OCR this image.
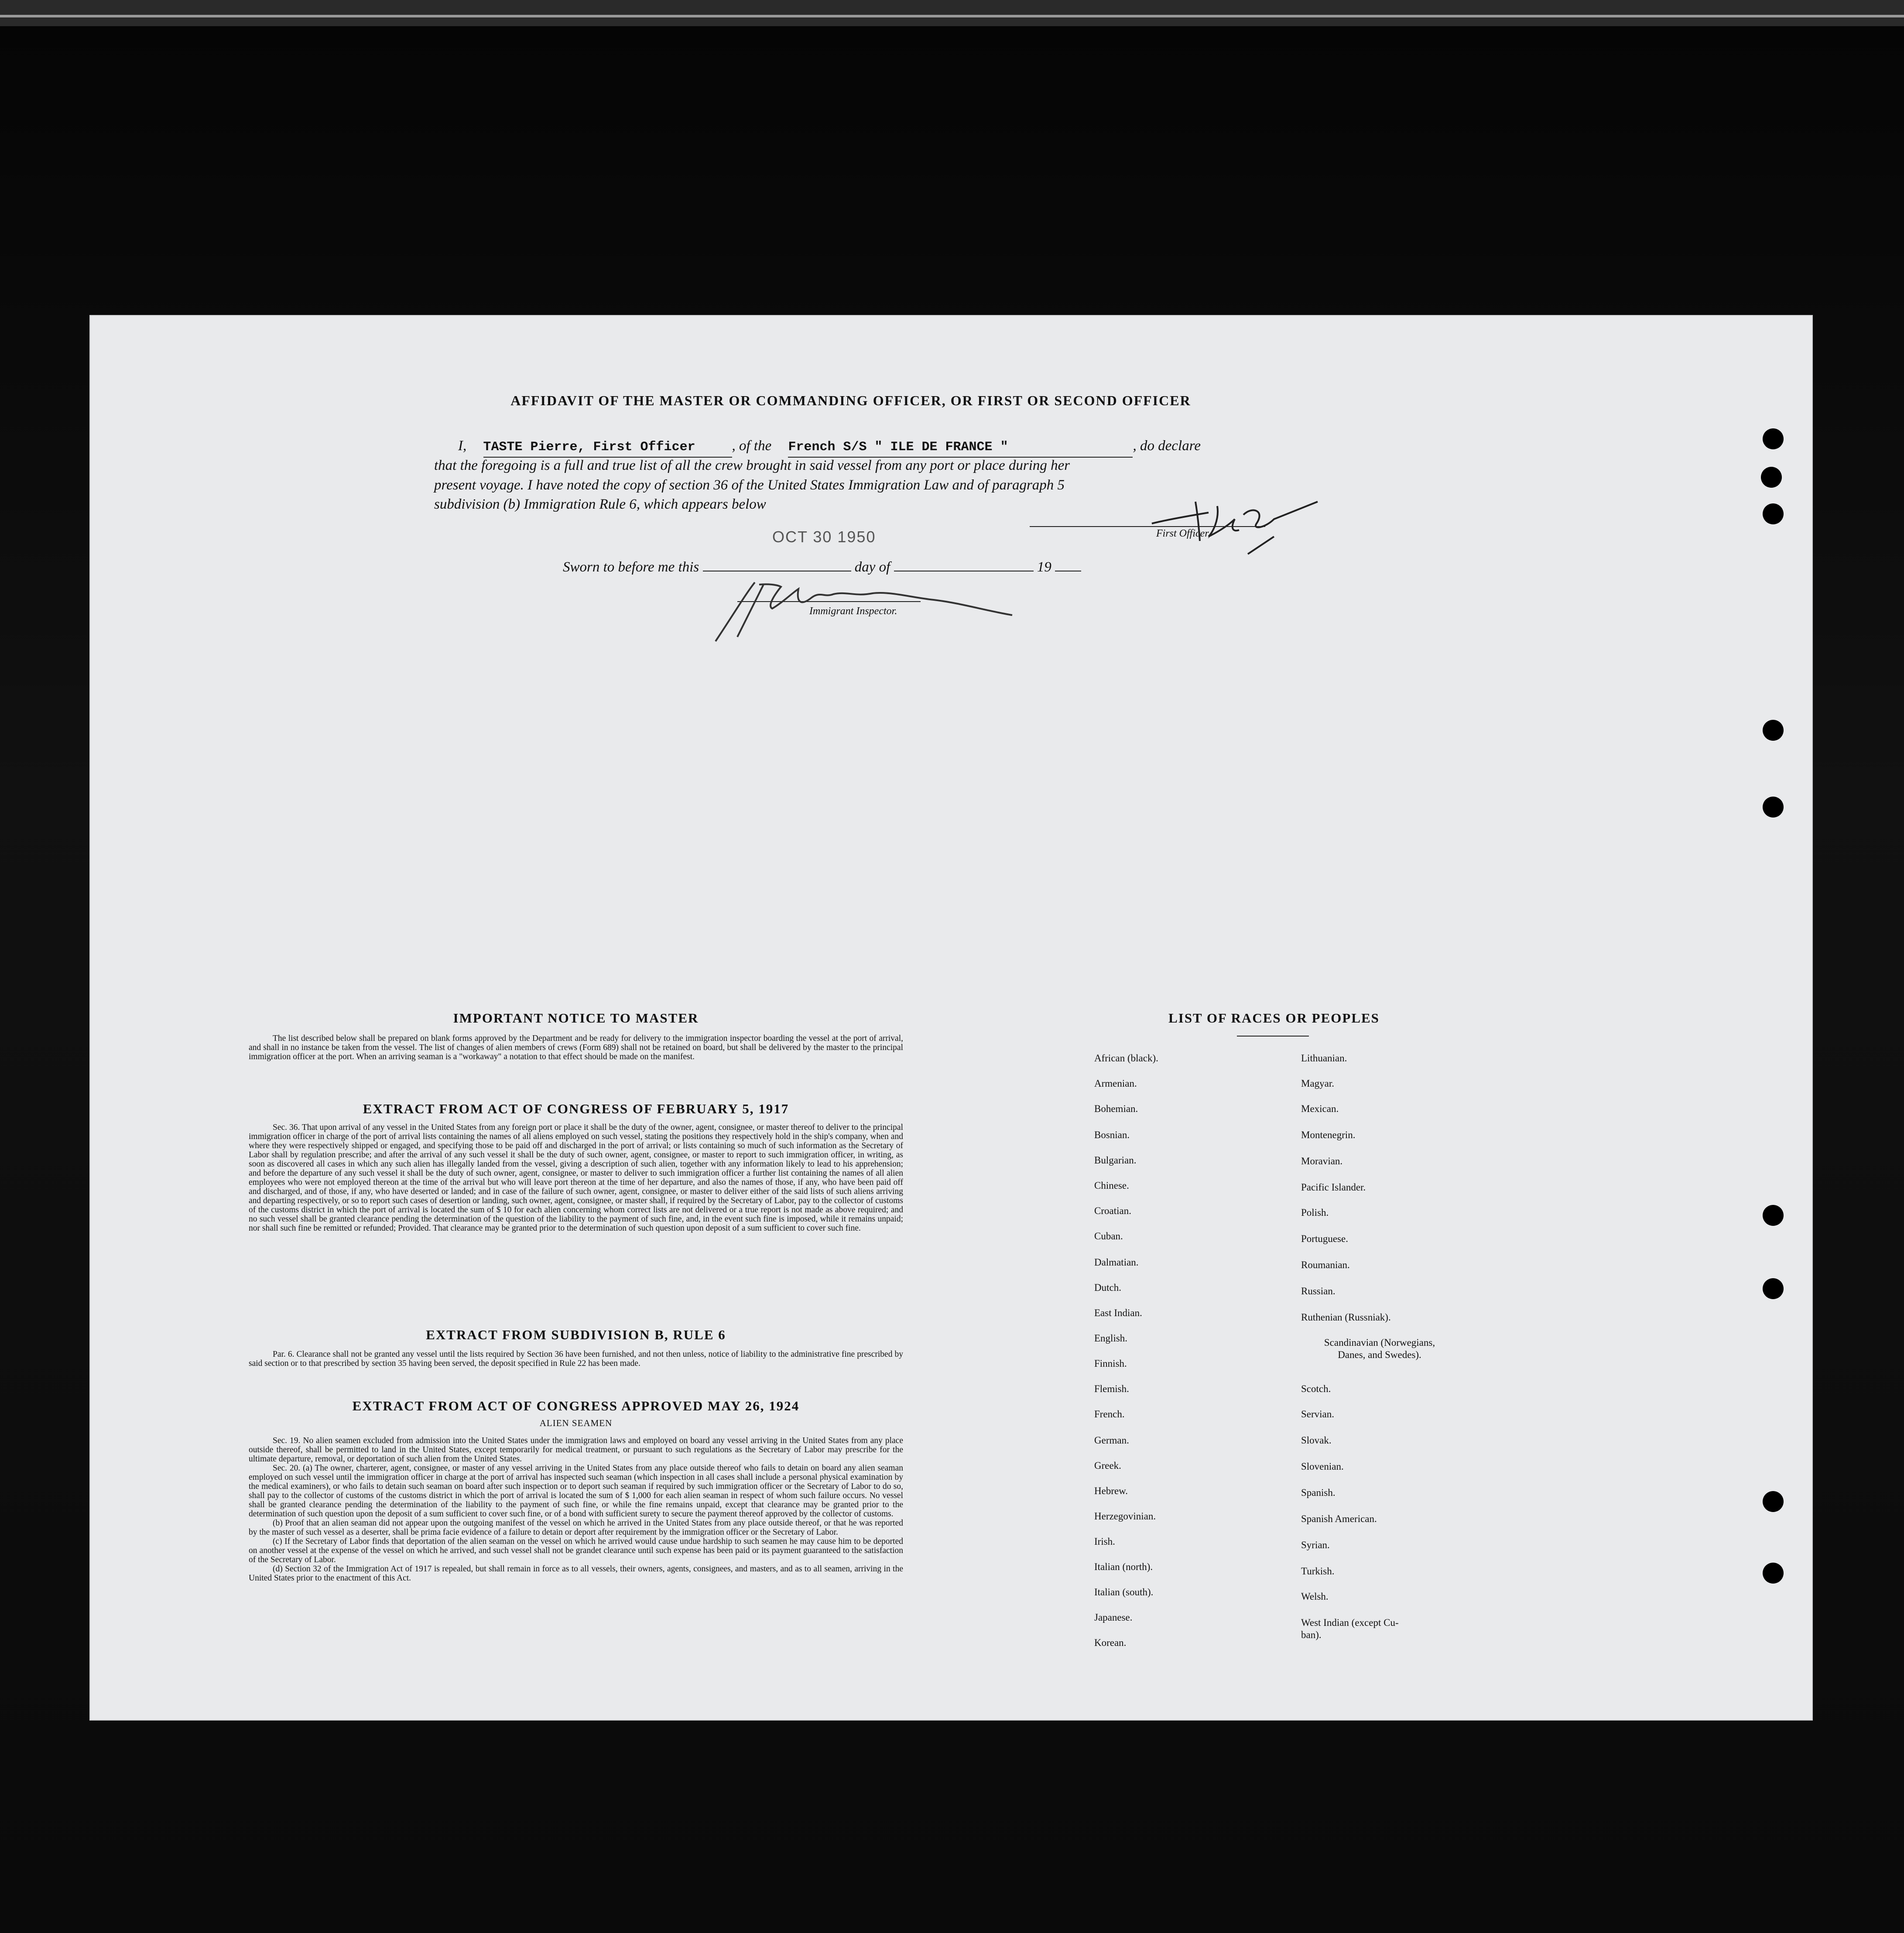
AFFIDAVIT OF THE MASTER OR COMMANDING OFFICER, OR FIRST OR SECOND OFFICER
I, TASTE Pierre, First Officer	, of the French S/S " ILE DE FRANCE "	, do declare
that the foregoing is a full and true list of all the crew brought in said vessel from any port or place during her
present voyage. I have noted the copy of section 36 of the United States Immigration Law and of paragraph 5
subdivision (b) Immigration Rule 6, which appears below
First Officer,
OCT 30 1950
Sworn to before me this	day of	19
Immigrant Inspector.
IMPORTANT NOTICE TO MASTER

The list described below shall be prepared on blank forms approved by the Department and be ready for delivery to the immigration inspector boarding the vessel at the port of arrival, and shall in no instance be taken from the vessel. The list of changes of alien members of crews (Form 689) shall not be retained on board, but shall be delivered by the master to the principal immigration officer at the port. When an arriving seaman is a "workaway" a notation to that effect should be made on the manifest.

EXTRACT FROM ACT OF CONGRESS OF FEBRUARY 5, 1917

Sec. 36. That upon arrival of any vessel in the United States from any foreign port or place it shall be the duty of the owner, agent, consignee, or master thereof to deliver to the principal immigration officer in charge of the port of arrival lists containing the names of all aliens employed on such vessel, stating the positions they respectively hold in the ship's company, when and where they were respectively shipped or engaged, and specifying those to be paid off and discharged in the port of arrival; or lists containing so much of such information as the Secretary of Labor shall by regulation prescribe; and after the arrival of any such vessel it shall be the duty of such owner, agent, consignee, or master to report to such immigration officer, in writing, as soon as discovered all cases in which any such alien has illegally landed from the vessel, giving a description of such alien, together with any information likely to lead to his apprehension; and before the departure of any such vessel it shall be the duty of such owner, agent, consignee, or master to deliver to such immigration officer a further list containing the names of all alien employees who were not employed thereon at the time of the arrival but who will leave port thereon at the time of her departure, and also the names of those, if any, who have been paid off and discharged, and of those, if any, who have deserted or landed; and in case of the failure of such owner, agent, consignee, or master to deliver either of the said lists of such aliens arriving and departing respectively, or so to report such cases of desertion or landing, such owner, agent, consignee, or master shall, if required by the Secretary of Labor, pay to the collector of customs of the customs district in which the port of arrival is located the sum of $ 10 for each alien concerning whom correct lists are not delivered or a true report is not made as above required; and no such vessel shall be granted clearance pending the determination of the question of the liability to the payment of such fine, and, in the event such fine is imposed, while it remains unpaid; nor shall such fine be remitted or refunded; Provided. That clearance may be granted prior to the determination of such question upon deposit of a sum sufficient to cover such fine.

EXTRACT FROM SUBDIVISION B, RULE 6

Par. 6. Clearance shall not be granted any vessel until the lists required by Section 36 have been furnished, and not then unless, notice of liability to the administrative fine prescribed by said section or to that prescribed by section 35 having been served, the deposit specified in Rule 22 has been made.

EXTRACT FROM ACT OF CONGRESS APPROVED MAY 26, 1924
ALIEN SEAMEN

Sec. 19. No alien seamen excluded from admission into the United States under the immigration laws and employed on board any vessel arriving in the United States from any place outside thereof, shall be permitted to land in the United States, except temporarily for medical treatment, or pursuant to such regulations as the Secretary of Labor may prescribe for the ultimate departure, removal, or deportation of such alien from the United States.

Sec. 20. (a) The owner, charterer, agent, consignee, or master of any vessel arriving in the United States from any place outside thereof who fails to detain on board any alien seaman employed on such vessel until the immigration officer in charge at the port of arrival has inspected such seaman (which inspection in all cases shall include a personal physical examination by the medical examiners), or who fails to detain such seaman on board after such inspection or to deport such seaman if required by such immigration officer or the Secretary of Labor to do so, shall pay to the collector of customs of the customs district in which the port of arrival is located the sum of $ 1,000 for each alien seaman in respect of whom such failure occurs. No vessel shall be granted clearance pending the determination of the liability to the payment of such fine, or while the fine remains unpaid, except that clearance may be granted prior to the determination of such question upon the deposit of a sum sufficient to cover such fine, or of a bond with sufficient surety to secure the payment thereof approved by the collector of customs.

(b) Proof that an alien seaman did not appear upon the outgoing manifest of the vessel on which he arrived in the United States from any place outside thereof, or that he was reported by the master of such vessel as a deserter, shall be prima facie evidence of a failure to detain or deport after requirement by the immigration officer or the Secretary of Labor.

(c) If the Secretary of Labor finds that deportation of the alien seaman on the vessel on which he arrived would cause undue hardship to such seamen he may cause him to be deported on another vessel at the expense of the vessel on which he arrived, and such vessel shall not be grandet clearance until such expense has been paid or its payment guaranteed to the satisfaction of the Secretary of Labor.

(d) Section 32 of the Immigration Act of 1917 is repealed, but shall remain in force as to all vessels, their owners, agents, consignees, and masters, and as to all seamen, arriving in the United States prior to the enactment of this Act.

LIST OF RACES OR PEOPLES
African (black).
Armenian.
Bohemian.
Bosnian.
Bulgarian.
Chinese.
Croatian.
Cuban.
Dalmatian.
Dutch.
East Indian.
English.
Finnish.
Flemish.
French.
German.
Greek.
Hebrew.
Herzegovinian.
Irish.
Italian (north).
Italian (south).
Japanese.
Korean.
Lithuanian.
Magyar.
Mexican.
Montenegrin.
Moravian.
Pacific Islander.
Polish.
Portuguese.
Roumanian.
Russian.
Ruthenian (Russniak).
Scandinavian (Norwegians,
Danes, and Swedes).
Scotch.
Servian.
Slovak.
Slovenian.
Spanish.
Spanish American.
Syrian.
Turkish.
Welsh.
West Indian (except Cu-
ban).
